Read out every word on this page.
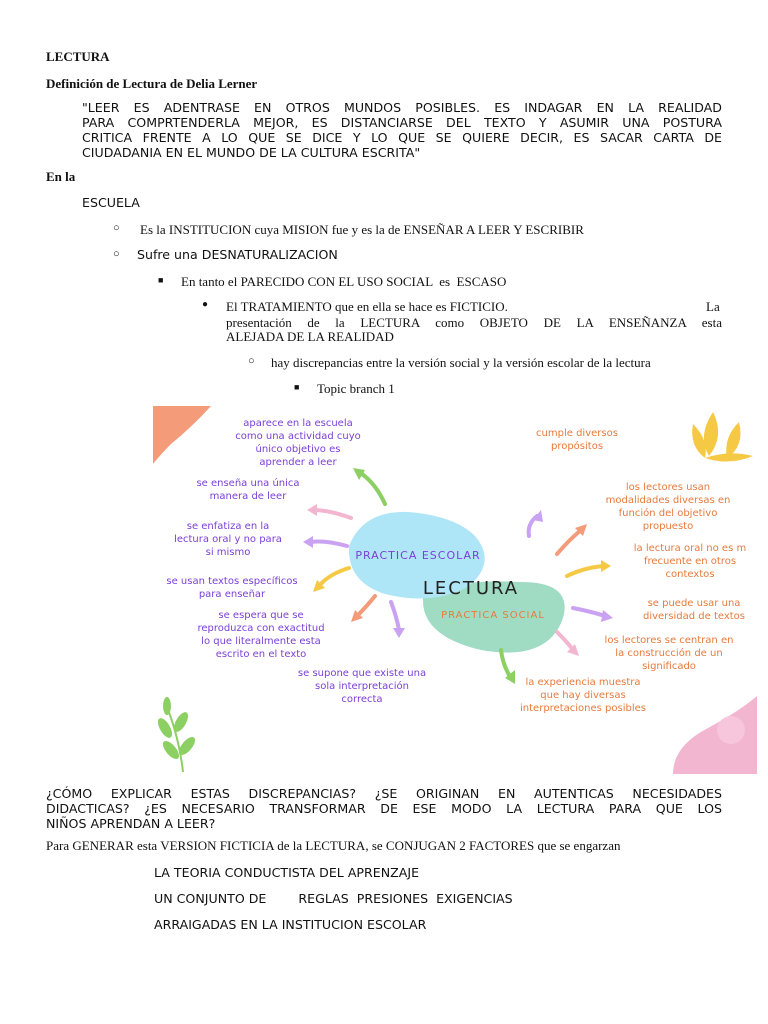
LECTURA
Definición de Lectura de Delia Lerner
"LEER ES ADENTRASE EN OTROS MUNDOS POSIBLES. ES INDAGAR EN LA REALIDAD
PARA COMPRTENDERLA MEJOR, ES DISTANCIARSE DEL TEXTO Y ASUMIR UNA POSTURA
CRITICA FRENTE A LO QUE SE DICE Y LO QUE SE QUIERE DECIR, ES SACAR CARTA DE
CIUDADANIA EN EL MUNDO DE LA CULTURA ESCRITA"
En la
ESCUELA
○ Es la INSTITUCION cuya MISION fue y es la de ENSEÑAR A LEER Y ESCRIBIR
○ Sufre una DESNATURALIZACION
■ En tanto el PARECIDO CON EL USO SOCIAL  es  ESCASO
● El TRATAMIENTO que en ella se hace es FICTICIO.	La
presentación de la LECTURA como OBJETO DE LA ENSEÑANZA esta
ALEJADA DE LA REALIDAD
○ hay discrepancias entre la versión social y la versión escolar de la lectura
■ Topic branch 1
PRACTICA ESCOLAR
LECTURA
PRACTICA SOCIAL
aparece en la escuela
como una actividad cuyo
único objetivo es
aprender a leer
se enseña una única
manera de leer
se enfatiza en la
lectura oral y no para
si mismo
se usan textos específicos
para enseñar
se espera que se
reproduzca con exactitud
lo que literalmente esta
escrito en el texto
se supone que existe una
sola interpretación
correcta
cumple diversos
propósitos
los lectores usan
modalidades diversas en
función del objetivo
propuesto
la lectura oral no es m
frecuente en otros
contextos
se puede usar una
diversidad de textos
los lectores se centran en
la construcción de un
significado
la experiencia muestra
que hay diversas
interpretaciones posibles
¿CÓMO EXPLICAR ESTAS DISCREPANCIAS? ¿SE ORIGINAN EN AUTENTICAS NECESIDADES
DIDACTICAS? ¿ES NECESARIO TRANSFORMAR DE ESE MODO LA LECTURA PARA QUE LOS
NIÑOS APRENDAN A LEER?
Para GENERAR esta VERSION FICTICIA de la LECTURA, se CONJUGAN 2 FACTORES que se engarzan
LA TEORIA CONDUCTISTA DEL APRENZAJE
UN CONJUNTO DE        REGLAS  PRESIONES  EXIGENCIAS
ARRAIGADAS EN LA INSTITUCION ESCOLAR
